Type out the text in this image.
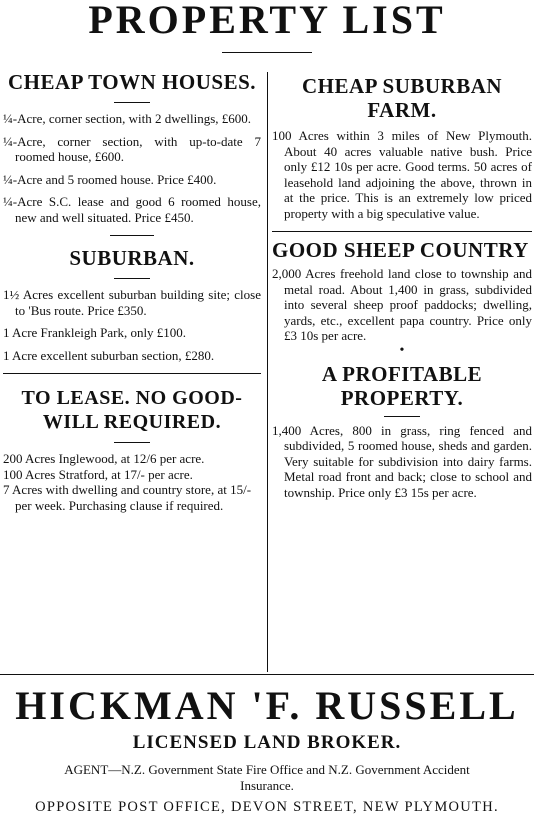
PROPERTY LIST
CHEAP TOWN HOUSES.
¼-Acre, corner section, with 2 dwellings, £600.
¼-Acre, corner section, with up-to-date 7 roomed house, £600.
¼-Acre and 5 roomed house. Price £400.
¼-Acre S.C. lease and good 6 roomed house, new and well situated. Price £450.
SUBURBAN.
1½ Acres excellent suburban building site; close to 'Bus route. Price £350.
1 Acre Frankleigh Park, only £100.
1 Acre excellent suburban section, £280.
TO LEASE. NO GOOD-WILL REQUIRED.
200 Acres Inglewood, at 12/6 per acre.
100 Acres Stratford, at 17/- per acre.
7 Acres with dwelling and country store, at 15/- per week. Purchasing clause if required.
CHEAP SUBURBAN FARM.
100 Acres within 3 miles of New Plymouth. About 40 acres valuable native bush. Price only £12 10s per acre. Good terms. 50 acres of leasehold land adjoining the above, thrown in at the price. This is an extremely low priced property with a big speculative value.
GOOD SHEEP COUNTRY
2,000 Acres freehold land close to township and metal road. About 1,400 in grass, subdivided into several sheep proof paddocks; dwelling, yards, etc., excellent papa country. Price only £3 10s per acre.
•
A PROFITABLE PROPERTY.
1,400 Acres, 800 in grass, ring fenced and subdivided, 5 roomed house, sheds and garden. Very suitable for subdivision into dairy farms. Metal road front and back; close to school and township. Price only £3 15s per acre.
HICKMAN 'F. RUSSELL
LICENSED LAND BROKER.
AGENT—N.Z. Government State Fire Office and N.Z. Government Accident Insurance.
OPPOSITE POST OFFICE, DEVON STREET, NEW PLYMOUTH.
